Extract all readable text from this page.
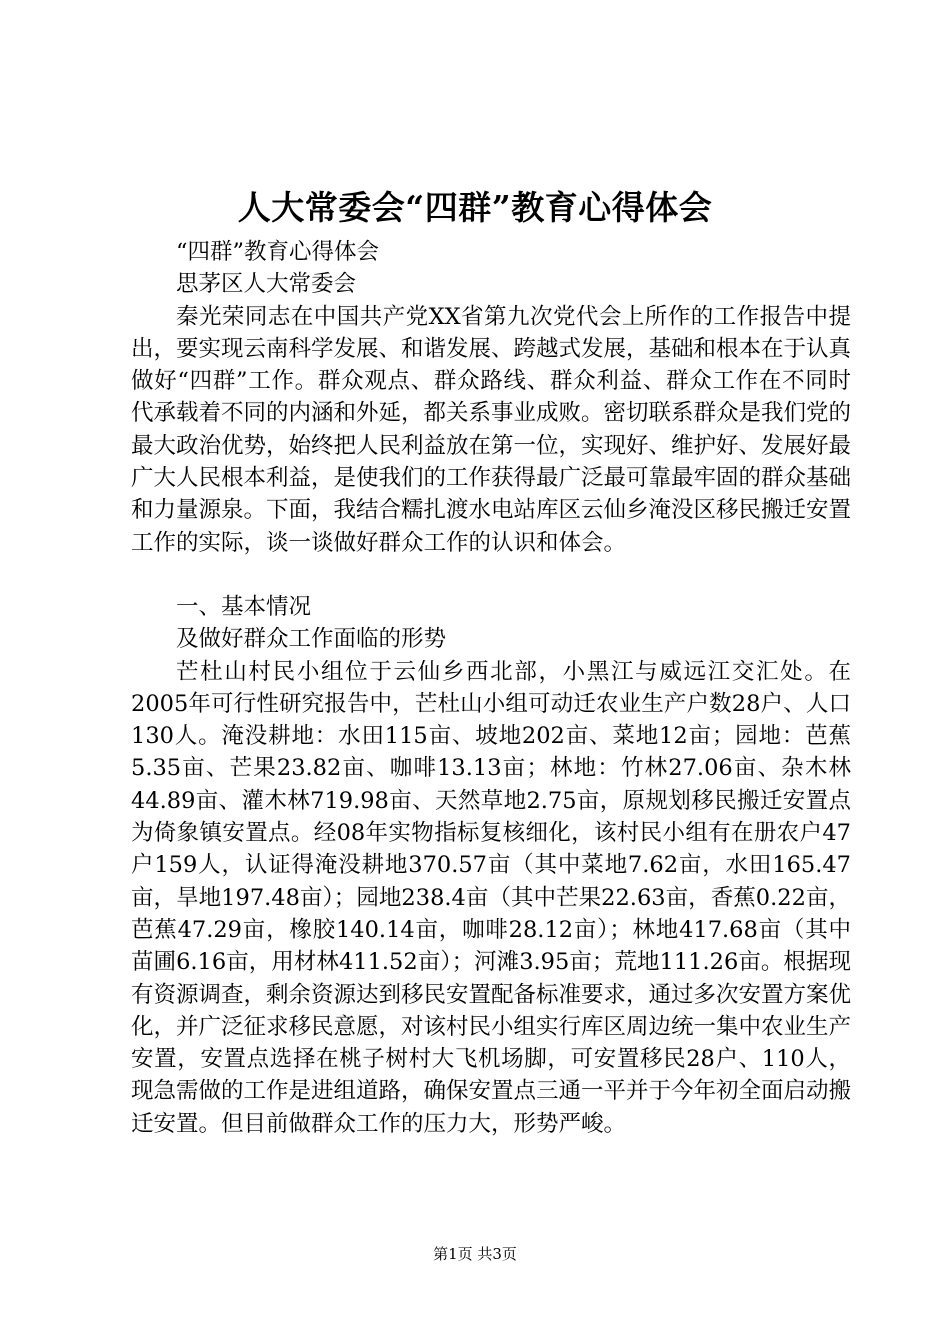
人大常委会“四群”教育心得体会

“四群”教育心得体会

思茅区人大常委会

秦光荣同志在中国共产党XX省第九次党代会上所作的工作报告中提出，要实现云南科学发展、和谐发展、跨越式发展，基础和根本在于认真做好“四群”工作。群众观点、群众路线、群众利益、群众工作在不同时代承载着不同的内涵和外延，都关系事业成败。密切联系群众是我们党的最大政治优势，始终把人民利益放在第一位，实现好、维护好、发展好最广大人民根本利益，是使我们的工作获得最广泛最可靠最牢固的群众基础和力量源泉。下面，我结合糯扎渡水电站库区云仙乡淹没区移民搬迁安置工作的实际，谈一谈做好群众工作的认识和体会。

一、基本情况

及做好群众工作面临的形势

芒杜山村民小组位于云仙乡西北部，小黑江与威远江交汇处。在2005年可行性研究报告中，芒杜山小组可动迁农业生产户数28户、人口130人。淹没耕地：水田115亩、坡地202亩、菜地12亩；园地：芭蕉5.35亩、芒果23.82亩、咖啡13.13亩；林地：竹林27.06亩、杂木林44.89亩、灌木林719.98亩、天然草地2.75亩，原规划移民搬迁安置点为倚象镇安置点。经08年实物指标复核细化，该村民小组有在册农户47户159人，认证得淹没耕地370.57亩（其中菜地7.62亩，水田165.47亩，旱地197.48亩）；园地238.4亩（其中芒果22.63亩，香蕉0.22亩，芭蕉47.29亩，橡胶140.14亩，咖啡28.12亩）；林地417.68亩（其中苗圃6.16亩，用材林411.52亩）；河滩3.95亩；荒地111.26亩。根据现有资源调查，剩余资源达到移民安置配备标准要求，通过多次安置方案优化，并广泛征求移民意愿，对该村民小组实行库区周边统一集中农业生产安置，安置点选择在桃子树村大飞机场脚，可安置移民28户、110人，现急需做的工作是进组道路，确保安置点三通一平并于今年初全面启动搬迁安置。但目前做群众工作的压力大，形势严峻。

第1页 共3页
